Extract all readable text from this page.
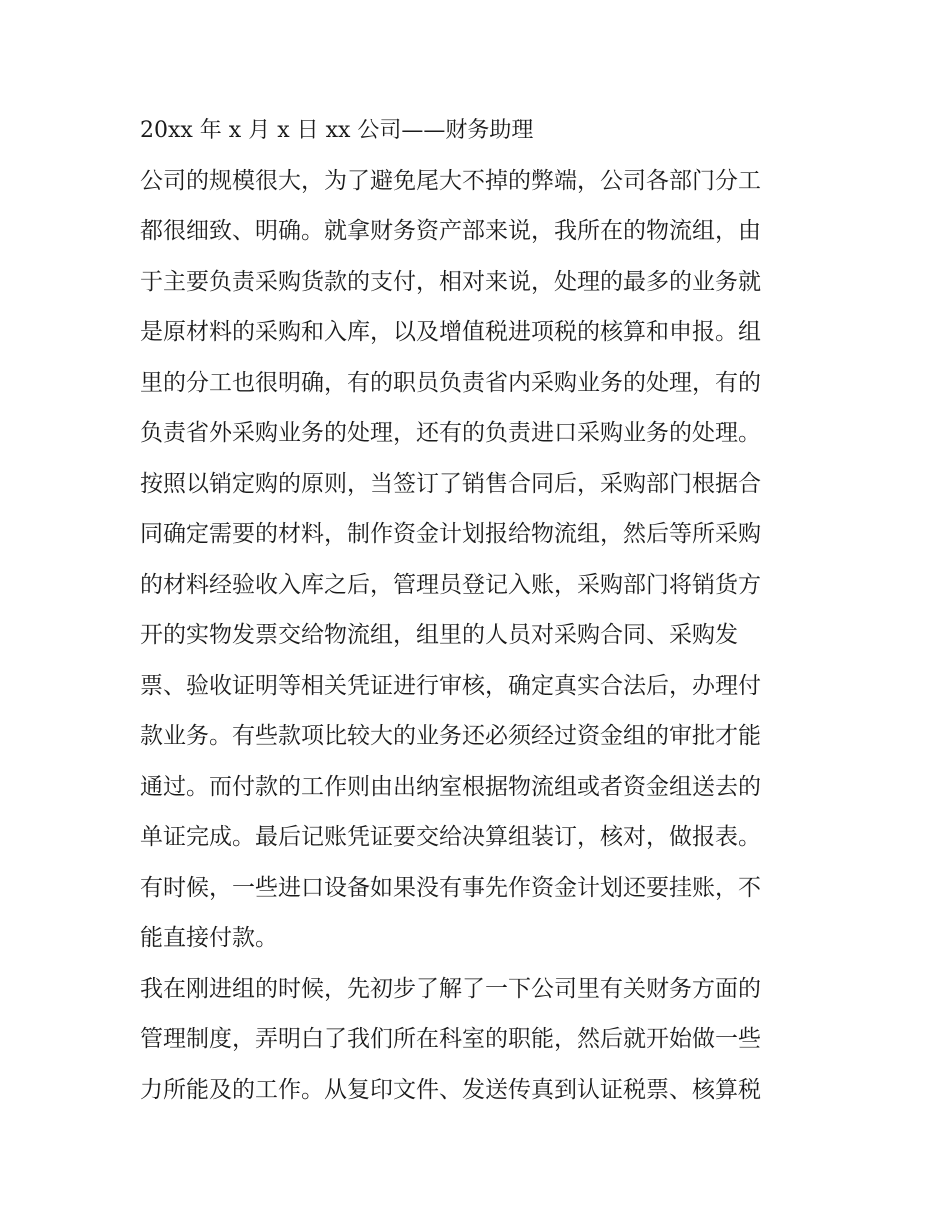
20xx 年 x 月 x 日 xx 公司——财务助理

公司的规模很大，为了避免尾大不掉的弊端，公司各部门分工

都很细致、明确。就拿财务资产部来说，我所在的物流组，由

于主要负责采购货款的支付，相对来说，处理的最多的业务就

是原材料的采购和入库，以及增值税进项税的核算和申报。组

里的分工也很明确，有的职员负责省内采购业务的处理，有的

负责省外采购业务的处理，还有的负责进口采购业务的处理。

按照以销定购的原则，当签订了销售合同后，采购部门根据合

同确定需要的材料，制作资金计划报给物流组，然后等所采购

的材料经验收入库之后，管理员登记入账，采购部门将销货方

开的实物发票交给物流组，组里的人员对采购合同、采购发

票、验收证明等相关凭证进行审核，确定真实合法后，办理付

款业务。有些款项比较大的业务还必须经过资金组的审批才能

通过。而付款的工作则由出纳室根据物流组或者资金组送去的

单证完成。最后记账凭证要交给决算组装订，核对，做报表。

有时候，一些进口设备如果没有事先作资金计划还要挂账，不

能直接付款。

我在刚进组的时候，先初步了解了一下公司里有关财务方面的

管理制度，弄明白了我们所在科室的职能，然后就开始做一些

力所能及的工作。从复印文件、发送传真到认证税票、核算税
